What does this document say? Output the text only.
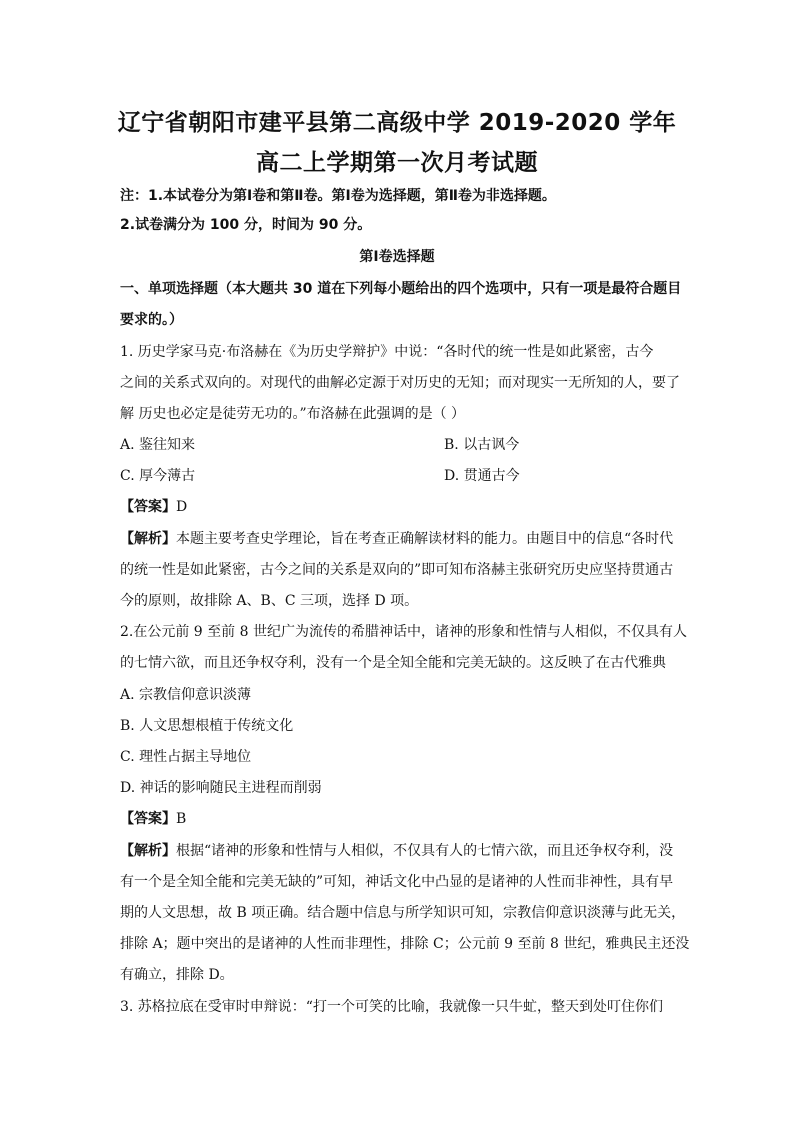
辽宁省朝阳市建平县第二高级中学 2019-2020 学年
高二上学期第一次月考试题
注：1.本试卷分为第Ⅰ卷和第Ⅱ卷。第Ⅰ卷为选择题，第Ⅱ卷为非选择题。
2.试卷满分为 100 分，时间为 90 分。
第Ⅰ卷选择题
一、单项选择题（本大题共 30 道在下列每小题给出的四个选项中，只有一项是最符合题目
要求的。）
1. 历史学家马克·布洛赫在《为历史学辩护》中说：“各时代的统一性是如此紧密，古今
之间的关系式双向的。对现代的曲解必定源于对历史的无知；而对现实一无所知的人，要了
解 历史也必定是徒劳无功的。”布洛赫在此强调的是（ ）
A. 鉴往知来	B. 以古讽今
C. 厚今薄古	D. 贯通古今
【答案】D
【解析】本题主要考查史学理论，旨在考查正确解读材料的能力。由题目中的信息“各时代
的统一性是如此紧密，古今之间的关系是双向的”即可知布洛赫主张研究历史应坚持贯通古
今的原则，故排除 A、B、C 三项，选择 D 项。
2.在公元前 9 至前 8 世纪广为流传的希腊神话中，诸神的形象和性情与人相似，不仅具有人
的七情六欲，而且还争权夺利，没有一个是全知全能和完美无缺的。这反映了在古代雅典
A. 宗教信仰意识淡薄
B. 人文思想根植于传统文化
C. 理性占据主导地位
D. 神话的影响随民主进程而削弱
【答案】B
【解析】根据“诸神的形象和性情与人相似，不仅具有人的七情六欲，而且还争权夺利，没
有一个是全知全能和完美无缺的”可知，神话文化中凸显的是诸神的人性而非神性，具有早
期的人文思想，故 B 项正确。结合题中信息与所学知识可知，宗教信仰意识淡薄与此无关，
排除 A；题中突出的是诸神的人性而非理性，排除 C；公元前 9 至前 8 世纪，雅典民主还没
有确立，排除 D。
3. 苏格拉底在受审时申辩说：“打一个可笑的比喻，我就像一只牛虻，整天到处叮住你们
